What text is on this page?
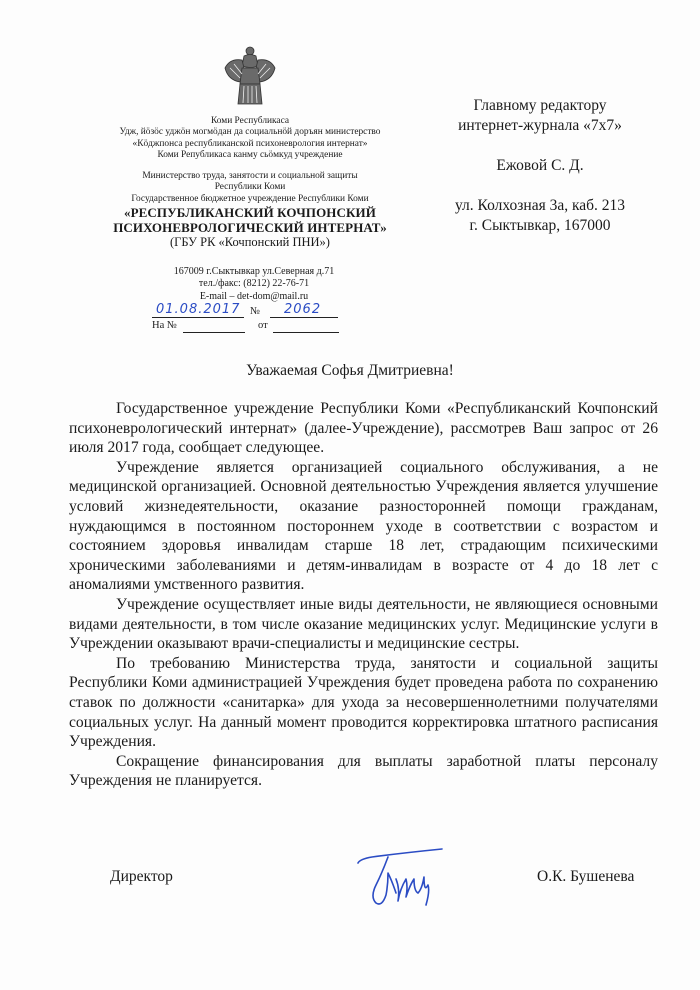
Коми Республикаса
Удж, йӧзӧс уджӧн могмӧдан да социальнӧй доръян министерство
«Кӧджпонса республиканской психоневрология интернат»
Коми Републикаса канму сьӧмкуд учреждение
Министерство труда, занятости и социальной защиты
Республики Коми
Государственное бюджетное учреждение Республики Коми
«РЕСПУБЛИКАНСКИЙ КОЧПОНСКИЙ
ПСИХОНЕВРОЛОГИЧЕСКИЙ ИНТЕРНАТ»
(ГБУ РК «Кочпонский ПНИ»)
167009 г.Сыктывкар ул.Северная д.71
тел./факс: (8212) 22-76-71
E-mail – det-dom@mail.ru
01.08.2017 № 2062
На №	от
Главному редактору
интернет-журнала «7х7»
Ежовой С. Д.
ул. Колхозная 3а, каб. 213
г. Сыктывкар, 167000
Уважаемая Софья Дмитриевна!

Государственное учреждение Республики Коми «Республиканский Кочпонский психоневрологический интернат» (далее-Учреждение), рассмотрев Ваш запрос от 26 июля 2017 года, сообщает следующее.

Учреждение является организацией социального обслуживания, а не медицинской организацией. Основной деятельностью Учреждения является улучшение условий жизнедеятельности, оказание разносторонней помощи гражданам, нуждающимся в постоянном постороннем уходе в соответствии с возрастом и состоянием здоровья инвалидам старше 18 лет, страдающим психическими хроническими заболеваниями и детям-инвалидам в возрасте от 4 до 18 лет с аномалиями умственного развития.

Учреждение осуществляет иные виды деятельности, не являющиеся основными видами деятельности, в том числе оказание медицинских услуг. Медицинские услуги в Учреждении оказывают врачи-специалисты и медицинские сестры.

По требованию Министерства труда, занятости и социальной защиты Республики Коми администрацией Учреждения будет проведена работа по сохранению ставок по должности «санитарка» для ухода за несовершеннолетними получателями социальных услуг. На данный момент проводится корректировка штатного расписания Учреждения.

Сокращение финансирования для выплаты заработной платы персоналу Учреждения не планируется.

Директор	О.К. Бушенева
